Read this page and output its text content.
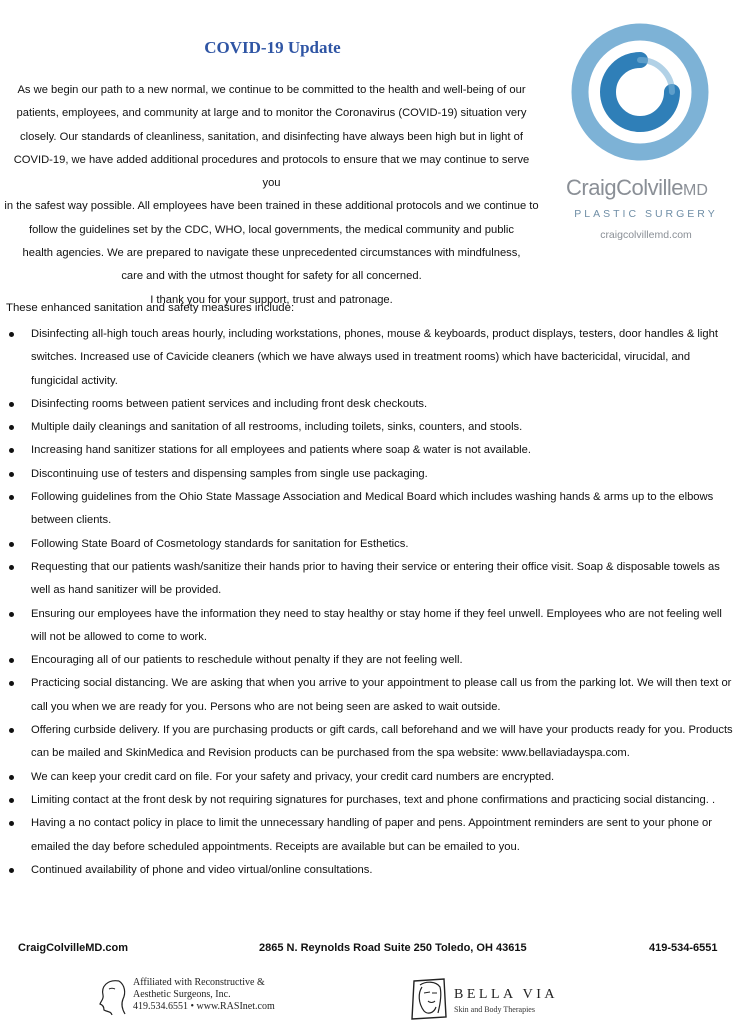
COVID-19 Update
As we begin our path to a new normal, we continue to be committed to the health and well-being of our
patients, employees, and community at large and to monitor the Coronavirus (COVID-19) situation very
closely. Our standards of cleanliness, sanitation, and disinfecting have always been high but in light of
COVID-19, we have added additional procedures and protocols to ensure that we may continue to serve you
in the safest way possible. All employees have been trained in these additional protocols and we continue to
follow the guidelines set by the CDC, WHO, local governments, the medical community and public
health agencies. We are prepared to navigate these unprecedented circumstances with mindfulness,
care and with the utmost thought for safety for all concerned.
I thank you for your support, trust and patronage.
CraigColvilleMD
PLASTIC SURGERY
craigcolvillemd.com
These enhanced sanitation and safety measures include:
Disinfecting all-high touch areas hourly, including workstations, phones, mouse & keyboards, product displays, testers, door handles & light switches. Increased use of Cavicide cleaners (which we have always used in treatment rooms) which have bactericidal, virucidal, and fungicidal activity.
Disinfecting rooms between patient services and including front desk checkouts.
Multiple daily cleanings and sanitation of all restrooms, including toilets, sinks, counters, and stools.
Increasing hand sanitizer stations for all employees and patients where soap & water is not available.
Discontinuing use of testers and dispensing samples from single use packaging.
Following guidelines from the Ohio State Massage Association and Medical Board which includes washing hands & arms up to the elbows between clients.
Following State Board of Cosmetology standards for sanitation for Esthetics.
Requesting that our patients wash/sanitize their hands prior to having their service or entering their office visit. Soap & disposable towels as well as hand sanitizer will be provided.
Ensuring our employees have the information they need to stay healthy or stay home if they feel unwell. Employees who are not feeling well will not be allowed to come to work.
Encouraging all of our patients to reschedule without penalty if they are not feeling well.
Practicing social distancing. We are asking that when you arrive to your appointment to please call us from the parking lot. We will then text or call you when we are ready for you. Persons who are not being seen are asked to wait outside.
Offering curbside delivery. If you are purchasing products or gift cards, call beforehand and we will have your products ready for you. Products can be mailed and SkinMedica and Revision products can be purchased from the spa website: www.bellaviadayspa.com.
We can keep your credit card on file. For your safety and privacy, your credit card numbers are encrypted.
Limiting contact at the front desk by not requiring signatures for purchases, text and phone confirmations and practicing social distancing. .
Having a no contact policy in place to limit the unnecessary handling of paper and pens. Appointment reminders are sent to your phone or emailed the day before scheduled appointments. Receipts are available but can be emailed to you.
Continued availability of phone and video virtual/online consultations.
CraigColvilleMD.com	2865 N. Reynolds Road Suite 250 Toledo, OH 43615	419-534-6551
Affiliated with Reconstructive &
Aesthetic Surgeons, Inc.
419.534.6551 • www.RASInet.com
BELLA VIA
Skin and Body Therapies
